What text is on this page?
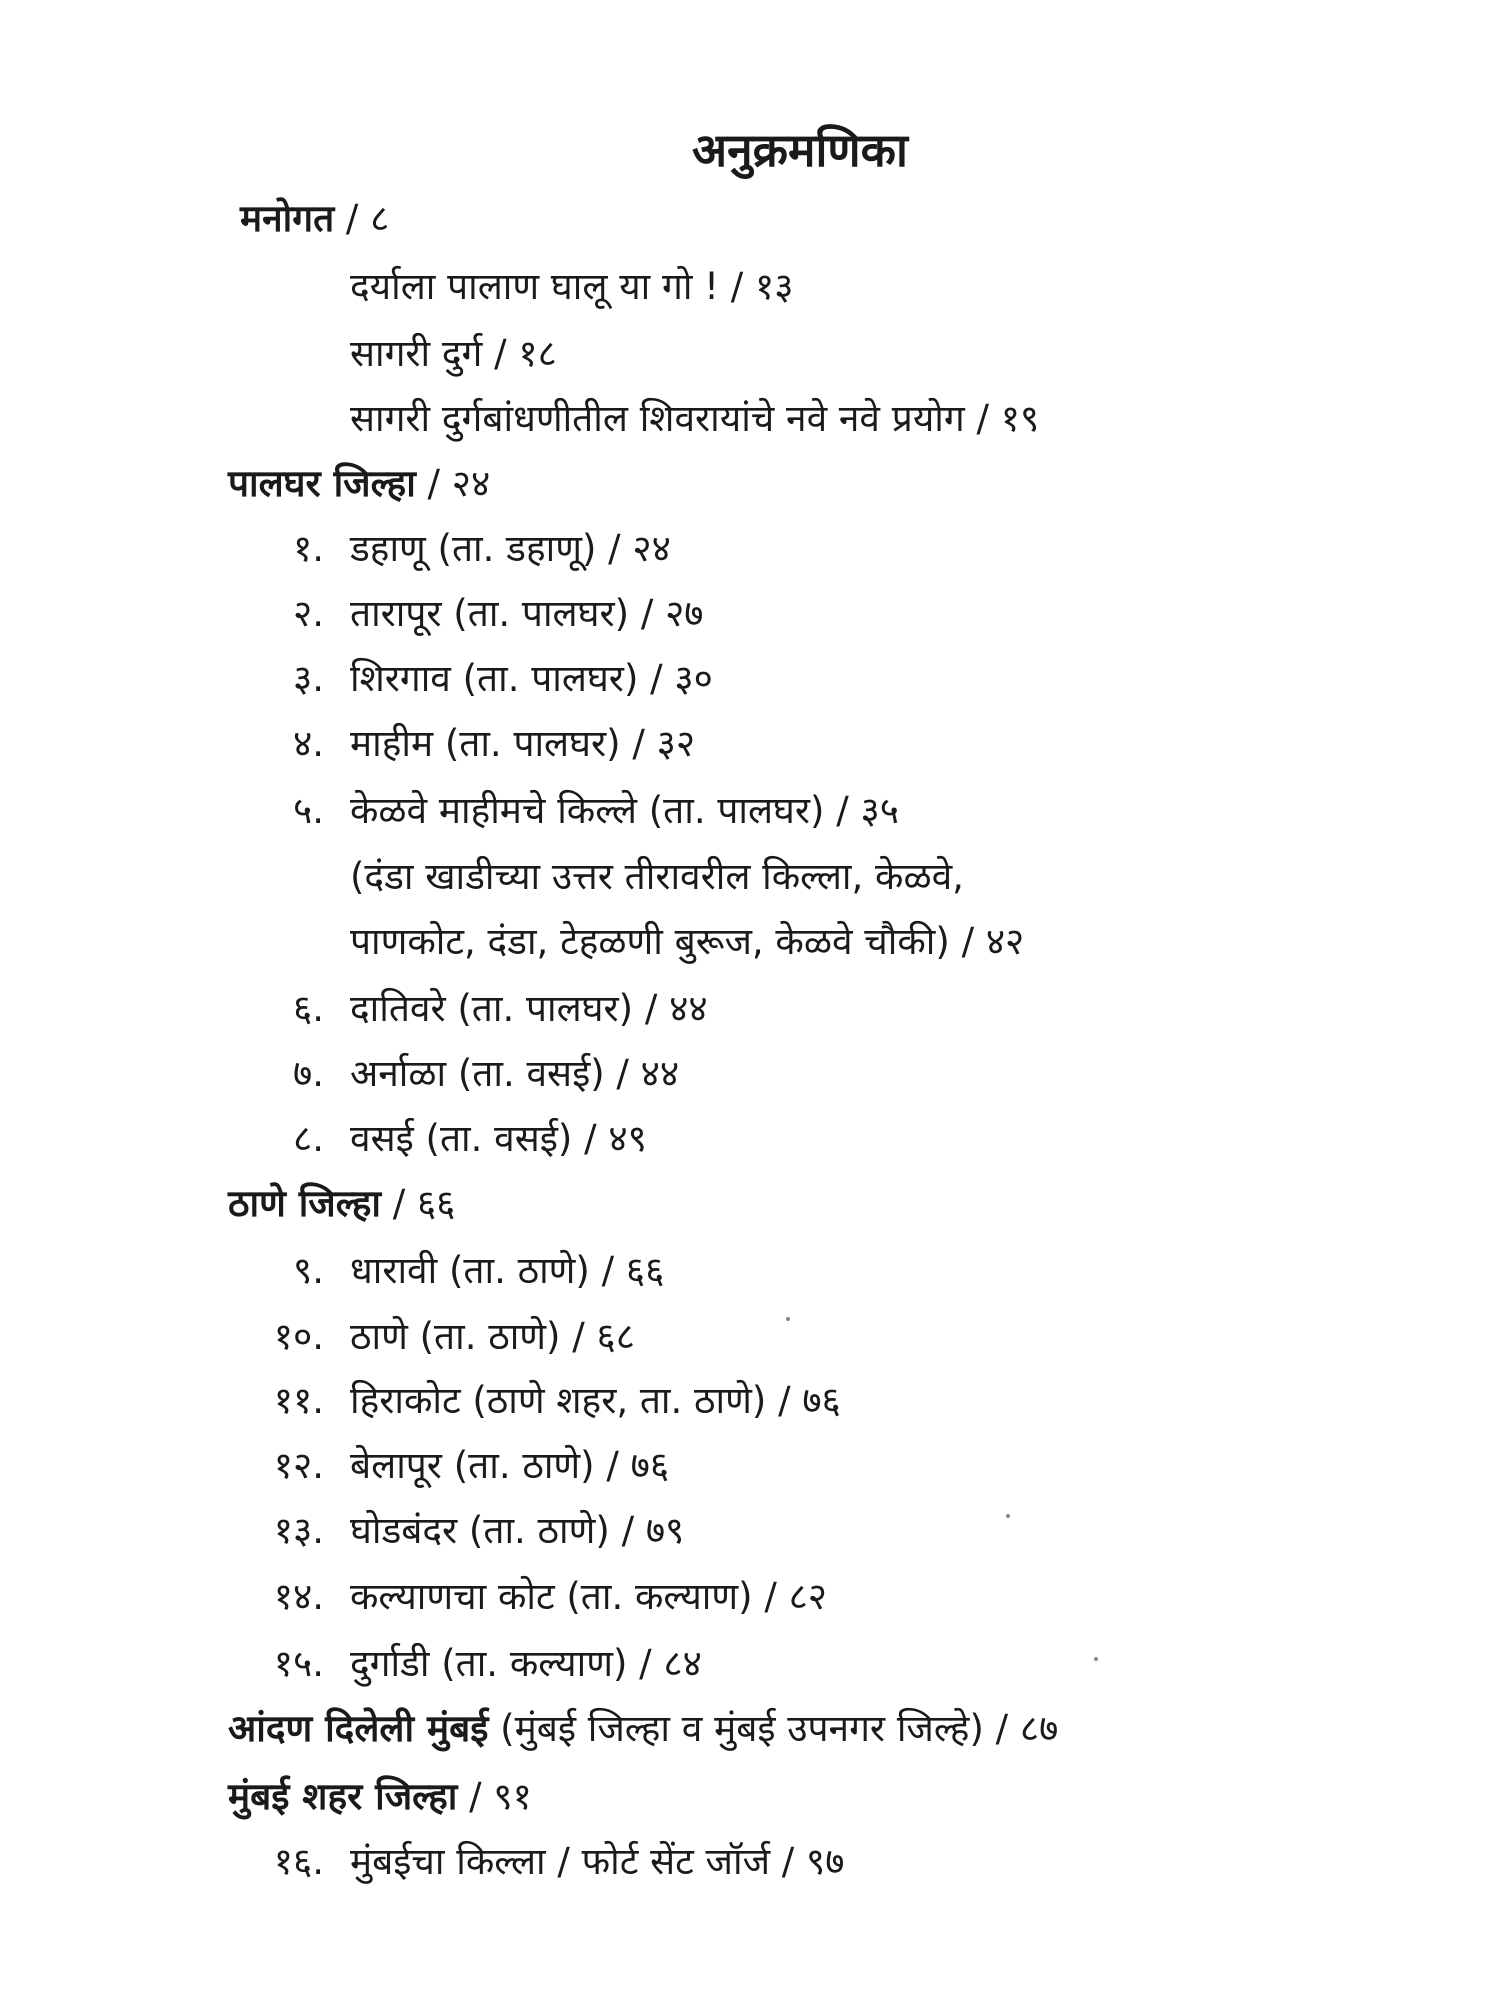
अनुक्रमणिका
मनोगत / ८
दर्याला पालाण घालू या गो ! / १३
सागरी दुर्ग / १८
सागरी दुर्गबांधणीतील शिवरायांचे नवे नवे प्रयोग / १९
पालघर जिल्हा / २४
१. डहाणू (ता. डहाणू) / २४
२. तारापूर (ता. पालघर) / २७
३. शिरगाव (ता. पालघर) / ३०
४. माहीम (ता. पालघर) / ३२
५. केळवे माहीमचे किल्ले (ता. पालघर) / ३५
(दंडा खाडीच्या उत्तर तीरावरील किल्ला, केळवे,
पाणकोट, दंडा, टेहळणी बुरूज, केळवे चौकी) / ४२
६. दातिवरे (ता. पालघर) / ४४
७. अर्नाळा (ता. वसई) / ४४
८. वसई (ता. वसई) / ४९
ठाणे जिल्हा / ६६
९. धारावी (ता. ठाणे) / ६६
१०. ठाणे (ता. ठाणे) / ६८
११. हिराकोट (ठाणे शहर, ता. ठाणे) / ७६
१२. बेलापूर (ता. ठाणे) / ७६
१३. घोडबंदर (ता. ठाणे) / ७९
१४. कल्याणचा कोट (ता. कल्याण) / ८२
१५. दुर्गाडी (ता. कल्याण) / ८४
आंदण दिलेली मुंबई (मुंबई जिल्हा व मुंबई उपनगर जिल्हे) / ८७
मुंबई शहर जिल्हा / ९१
१६. मुंबईचा किल्ला / फोर्ट सेंट जॉर्ज / ९७
